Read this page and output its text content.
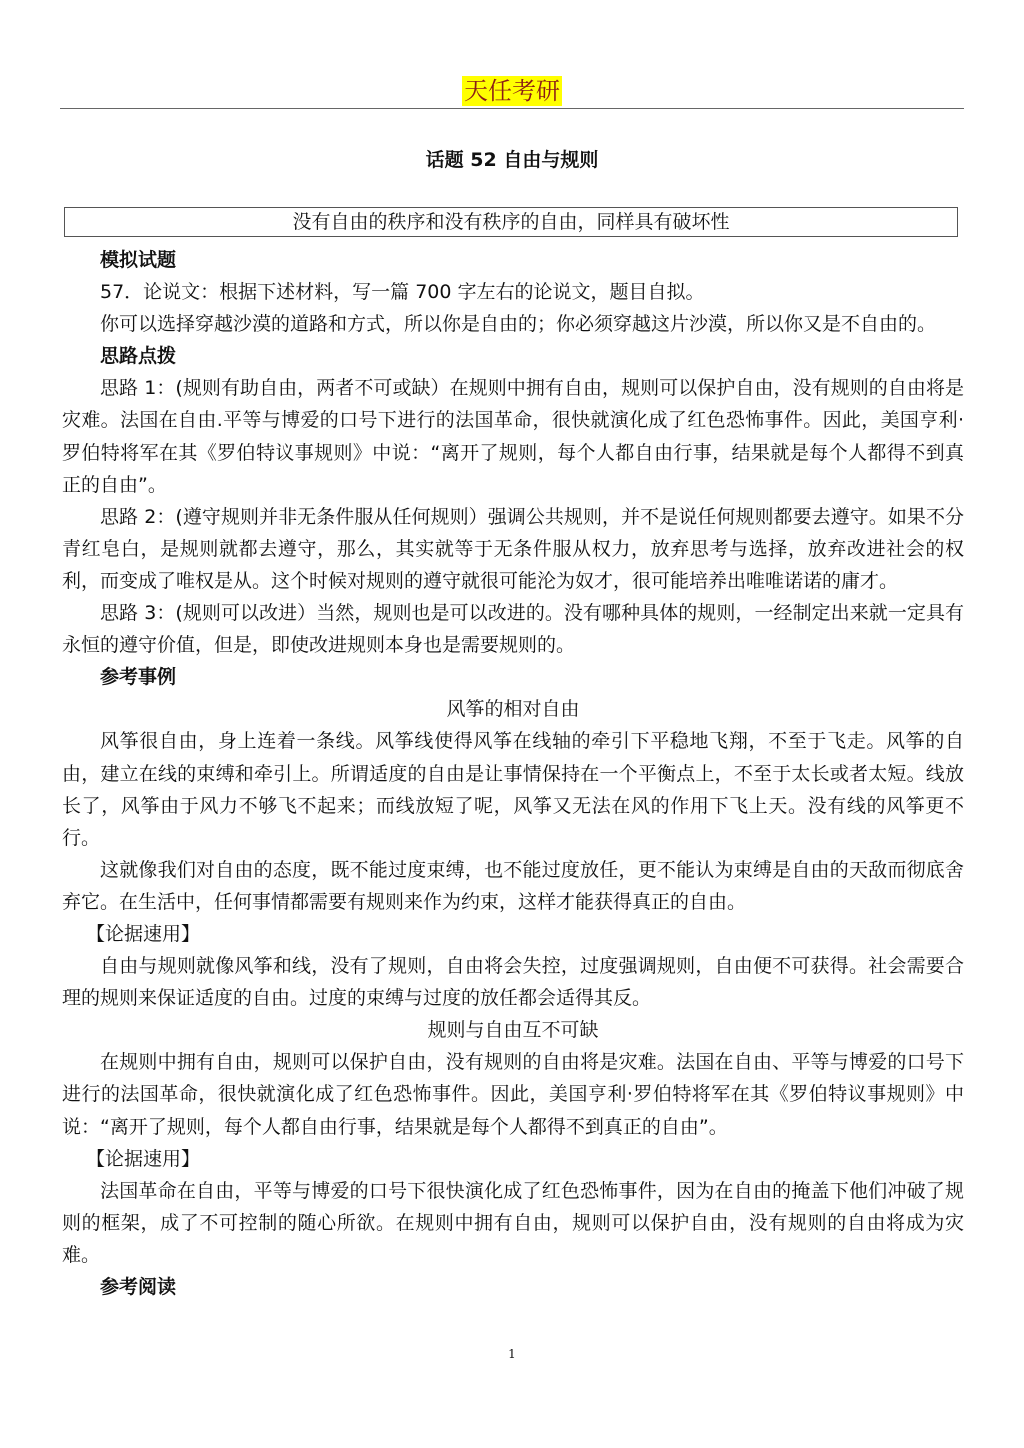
天任考研
话题 52 自由与规则
没有自由的秩序和没有秩序的自由，同样具有破坏性
模拟试题

57．论说文：根据下述材料，写一篇 700 字左右的论说文，题目自拟。

你可以选择穿越沙漠的道路和方式，所以你是自由的；你必须穿越这片沙漠，所以你又是不自由的。

思路点拨

思路 1：(规则有助自由，两者不可或缺）在规则中拥有自由，规则可以保护自由，没有规则的自由将是灾难。法国在自由.平等与博爱的口号下进行的法国革命，很快就演化成了红色恐怖事件。因此，美国亨利·罗伯特将军在其《罗伯特议事规则》中说：“离开了规则，每个人都自由行事，结果就是每个人都得不到真正的自由”。

思路 2：(遵守规则并非无条件服从任何规则）强调公共规则，并不是说任何规则都要去遵守。如果不分青红皂白，是规则就都去遵守，那么，其实就等于无条件服从权力，放弃思考与选择，放弃改进社会的权利，而变成了唯权是从。这个时候对规则的遵守就很可能沦为奴才，很可能培养出唯唯诺诺的庸才。

思路 3：(规则可以改进）当然，规则也是可以改进的。没有哪种具体的规则，一经制定出来就一定具有永恒的遵守价值，但是，即使改进规则本身也是需要规则的。

参考事例
风筝的相对自由

风筝很自由，身上连着一条线。风筝线使得风筝在线轴的牵引下平稳地飞翔，不至于飞走。风筝的自由，建立在线的束缚和牵引上。所谓适度的自由是让事情保持在一个平衡点上，不至于太长或者太短。线放长了，风筝由于风力不够飞不起来；而线放短了呢，风筝又无法在风的作用下飞上天。没有线的风筝更不行。

这就像我们对自由的态度，既不能过度束缚，也不能过度放任，更不能认为束缚是自由的天敌而彻底舍弃它。在生活中，任何事情都需要有规则来作为约束，这样才能获得真正的自由。

【论据速用】

自由与规则就像风筝和线，没有了规则，自由将会失控，过度强调规则，自由便不可获得。社会需要合理的规则来保证适度的自由。过度的束缚与过度的放任都会适得其反。

规则与自由互不可缺

在规则中拥有自由，规则可以保护自由，没有规则的自由将是灾难。法国在自由、平等与博爱的口号下进行的法国革命，很快就演化成了红色恐怖事件。因此，美国亨利·罗伯特将军在其《罗伯特议事规则》中说：“离开了规则，每个人都自由行事，结果就是每个人都得不到真正的自由”。

【论据速用】

法国革命在自由，平等与博爱的口号下很快演化成了红色恐怖事件，因为在自由的掩盖下他们冲破了规则的框架，成了不可控制的随心所欲。在规则中拥有自由，规则可以保护自由，没有规则的自由将成为灾难。

参考阅读
1
